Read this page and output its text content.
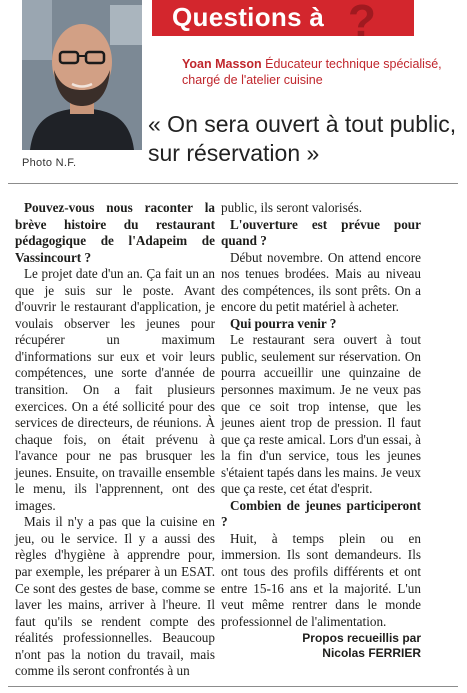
Photo N.F.
Questions à ?
Yoan Masson Éducateur technique spécialisé, chargé de l'atelier cuisine
« On sera ouvert à tout public, sur réservation »

Pouvez-vous nous raconter la brève histoire du restaurant pédagogique de l'Adapeim de Vassincourt ?

Le projet date d'un an. Ça fait un an que je suis sur le poste. Avant d'ouvrir le restaurant d'application, je voulais observer les jeunes pour récupérer un maximum d'informations sur eux et voir leurs compétences, une sorte d'année de transition. On a fait plusieurs exercices. On a été sollicité pour des services de directeurs, de réunions. À chaque fois, on était prévenu à l'avance pour ne pas brusquer les jeunes. Ensuite, on travaille ensemble le menu, ils l'apprennent, ont des images.

Mais il n'y a pas que la cuisine en jeu, ou le service. Il y a aussi des règles d'hygiène à apprendre pour, par exemple, les préparer à un ESAT. Ce sont des gestes de base, comme se laver les mains, arriver à l'heure. Il faut qu'ils se rendent compte des réalités professionnelles. Beaucoup n'ont pas la notion du travail, mais comme ils seront confrontés à un

public, ils seront valorisés.

L'ouverture est prévue pour quand ?

Début novembre. On attend encore nos tenues brodées. Mais au niveau des compétences, ils sont prêts. On a encore du petit matériel à acheter.

Qui pourra venir ?

Le restaurant sera ouvert à tout public, seulement sur réservation. On pourra accueillir une quinzaine de personnes maximum. Je ne veux pas que ce soit trop intense, que les jeunes aient trop de pression. Il faut que ça reste amical. Lors d'un essai, à la fin d'un service, tous les jeunes s'étaient tapés dans les mains. Je veux que ça reste, cet état d'esprit.

Combien de jeunes participeront ?

Huit, à temps plein ou en immersion. Ils sont demandeurs. Ils ont tous des profils différents et ont entre 15-16 ans et la majorité. L'un veut même rentrer dans le monde professionnel de l'alimentation.

Propos recueillis par
Nicolas FERRIER
